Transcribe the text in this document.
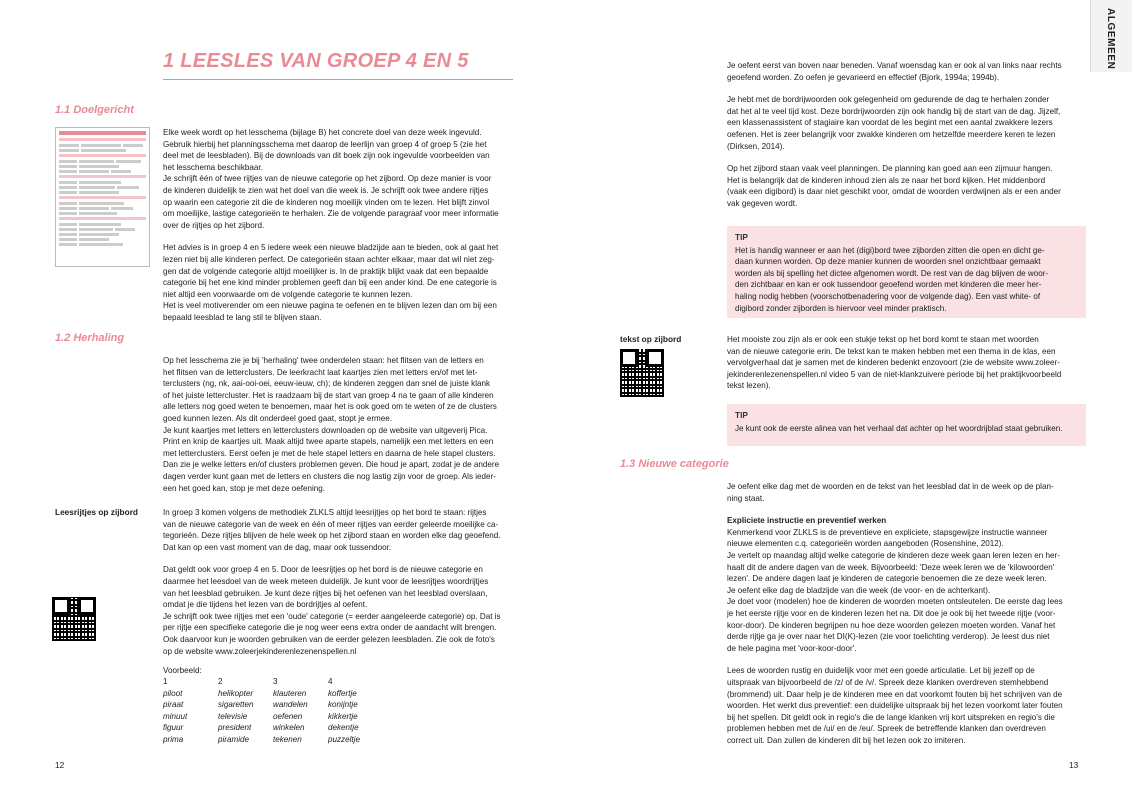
1 LEESLES VAN GROEP 4 EN 5
1.1 Doelgericht

Elke week wordt op het lesschema (bijlage B) het concrete doel van deze week ingevuld.

Gebruik hierbij het planningsschema met daarop de leerlijn van groep 4 of groep 5 (zie het

deel met de leesbladen). Bij de downloads van dit boek zijn ook ingevulde voorbeelden van

het lesschema beschikbaar.

Je schrijft één of twee rijtjes van de nieuwe categorie op het zijbord. Op deze manier is voor

de kinderen duidelijk te zien wat het doel van die week is. Je schrijft ook twee andere rijtjes

op waarin een categorie zit die de kinderen nog moeilijk vinden om te lezen. Het blijft zinvol

om moeilijke, lastige categorieën te herhalen. Zie de volgende paragraaf voor meer informatie

over de rijtjes op het zijbord.

Het advies is in groep 4 en 5 iedere week een nieuwe bladzijde aan te bieden, ook al gaat het

lezen niet bij alle kinderen perfect. De categorieën staan achter elkaar, maar dat wil niet zeg-

gen dat de volgende categorie altijd moeilijker is. In de praktijk blijkt vaak dat een bepaalde

categorie bij het ene kind minder problemen geeft dan bij een ander kind. De ene categorie is

niet altijd een voorwaarde om de volgende categorie te kunnen lezen.

Het is veel motiverender om een nieuwe pagina te oefenen en te blijven lezen dan om bij een

bepaald leesblad te lang stil te blijven staan.

1.2 Herhaling

Op het lesschema zie je bij 'herhaling' twee onderdelen staan: het flitsen van de letters en

het flitsen van de letterclusters. De leerkracht laat kaartjes zien met letters en/of met let-

terclusters (ng, nk, aai-ooi-oei, eeuw-ieuw, ch); de kinderen zeggen dan snel de juiste klank

of het juiste lettercluster. Het is raadzaam bij de start van groep 4 na te gaan of alle kinderen

alle letters nog goed weten te benoemen, maar het is ook goed om te weten of ze de clusters

goed kunnen lezen. Als dit onderdeel goed gaat, stopt je ermee.

Je kunt kaartjes met letters en letterclusters downloaden op de website van uitgeverij Pica.

Print en knip de kaartjes uit. Maak altijd twee aparte stapels, namelijk een met letters en een

met letterclusters. Eerst oefen je met de hele stapel letters en daarna de hele stapel clusters.

Dan zie je welke letters en/of clusters problemen geven. Die houd je apart, zodat je de andere

dagen verder kunt gaan met de letters en clusters die nog lastig zijn voor de groep. Als ieder-

een het goed kan, stop je met deze oefening.

Leesrijtjes op zijbord	In groep 3 komen volgens de methodiek ZLKLS altijd leesrijtjes op het bord te staan: rijtjes

van de nieuwe categorie van de week en één of meer rijtjes van eerder geleerde moeilijke ca-

tegorieën. Deze rijtjes blijven de hele week op het zijbord staan en worden elke dag geoefend.

Dat kan op een vast moment van de dag, maar ook tussendoor.

Dat geldt ook voor groep 4 en 5. Door de leesrijtjes op het bord is de nieuwe categorie en

daarmee het leesdoel van de week meteen duidelijk. Je kunt voor de leesrijtjes woordrijtjes

van het leesblad gebruiken. Je kunt deze rijtjes bij het oefenen van het leesblad overslaan,

omdat je die tijdens het lezen van de bordrijtjes al oefent.

Je schrijft ook twee rijtjes met een 'oude' categorie (= eerder aangeleerde categorie) op. Dat is

per rijtje een specifieke categorie die je nog weer eens extra onder de aandacht wilt brengen.

Ook daarvoor kun je woorden gebruiken van de eerder gelezen leesbladen. Zie ook de foto's

op de website www.zoleerjekinderenlezenenspellen.nl

Voorbeeld:
1	2	3	4
piloot	helikopter	klauteren	koffertje
piraat	sigaretten	wandelen	konijntje
minuut	televisie	oefenen	kikkertje
figuur	president	winkelen	dekentje
prima	piramide	tekenen	puzzeltje
12

Je oefent eerst van boven naar beneden. Vanaf woensdag kan er ook al van links naar rechts

geoefend worden. Zo oefen je gevarieerd en effectief (Bjork, 1994a; 1994b).

Je hebt met de bordrijwoorden ook gelegenheid om gedurende de dag te herhalen zonder

dat het al te veel tijd kost. Deze bordrijwoorden zijn ook handig bij de start van de dag. Jijzelf,

een klassenassistent of stagiaire kan voordat de les begint met een aantal zwakkere lezers

oefenen. Het is zeer belangrijk voor zwakke kinderen om hetzelfde meerdere keren te lezen

(Dirksen, 2014).

Op het zijbord staan vaak veel planningen. De planning kan goed aan een zijmuur hangen.

Het is belangrijk dat de kinderen inhoud zien als ze naar het bord kijken. Het middenbord

(vaak een digibord) is daar niet geschikt voor, omdat de woorden verdwijnen als er een ander

vak gegeven wordt.

TIP

Het is handig wanneer er aan het (digi)bord twee zijborden zitten die open en dicht ge-

daan kunnen worden. Op deze manier kunnen de woorden snel onzichtbaar gemaakt

worden als bij spelling het dictee afgenomen wordt. De rest van de dag blijven de woor-

den zichtbaar en kan er ook tussendoor geoefend worden met kinderen die meer her-

haling nodig hebben (voorschotbenadering voor de volgende dag). Een vast white- of

digibord zonder zijborden is hiervoor veel minder praktisch.

tekst op zijbord	Het mooiste zou zijn als er ook een stukje tekst op het bord komt te staan met woorden

van de nieuwe categorie erin. De tekst kan te maken hebben met een thema in de klas, een

vervolgverhaal dat je samen met de kinderen bedenkt enzovoort (zie de website www.zoleer-

jekinderenlezenenspellen.nl video 5 van de niet-klankzuivere periode bij het praktijkvoorbeeld

tekst lezen).

TIP

Je kunt ook de eerste alinea van het verhaal dat achter op het woordrijblad staat gebruiken.

1.3 Nieuwe categorie

Je oefent elke dag met de woorden en de tekst van het leesblad dat in de week op de plan-

ning staat.

Expliciete instructie en preventief werken

Kenmerkend voor ZLKLS is de preventieve en expliciete, stapsgewijze instructie wanneer

nieuwe elementen c.q. categorieën worden aangeboden (Rosenshine, 2012).

Je vertelt op maandag altijd welke categorie de kinderen deze week gaan leren lezen en her-

haalt dit de andere dagen van de week. Bijvoorbeeld: 'Deze week leren we de 'kilowoorden'

lezen'. De andere dagen laat je kinderen de categorie benoemen die ze deze week leren.

Je oefent elke dag de bladzijde van die week (de voor- en de achterkant).

Je doet voor (modelen) hoe de kinderen de woorden moeten ontsleutelen. De eerste dag lees

je het eerste rijtje voor en de kinderen lezen het na. Dit doe je ook bij het tweede rijtje (voor-

koor-door). De kinderen begrijpen nu hoe deze woorden gelezen moeten worden. Vanaf het

derde rijtje ga je over naar het DI(K)-lezen (zie voor toelichting verderop). Je leest dus niet

de hele pagina met 'voor-koor-door'.

Lees de woorden rustig en duidelijk voor met een goede articulatie. Let bij jezelf op de

uitspraak van bijvoorbeeld de /z/ of de /v/. Spreek deze klanken overdreven stemhebbend

(brommend) uit. Daar help je de kinderen mee en dat voorkomt fouten bij het schrijven van de

woorden. Het werkt dus preventief: een duidelijke uitspraak bij het lezen voorkomt later fouten

bij het spellen. Dit geldt ook in regio's die de lange klanken vrij kort uitspreken en regio's die

problemen hebben met de /ui/ en de /eu/. Spreek de betreffende klanken dan overdreven

correct uit. Dan zullen de kinderen dit bij het lezen ook zo imiteren.

13
ALGEMEEN
